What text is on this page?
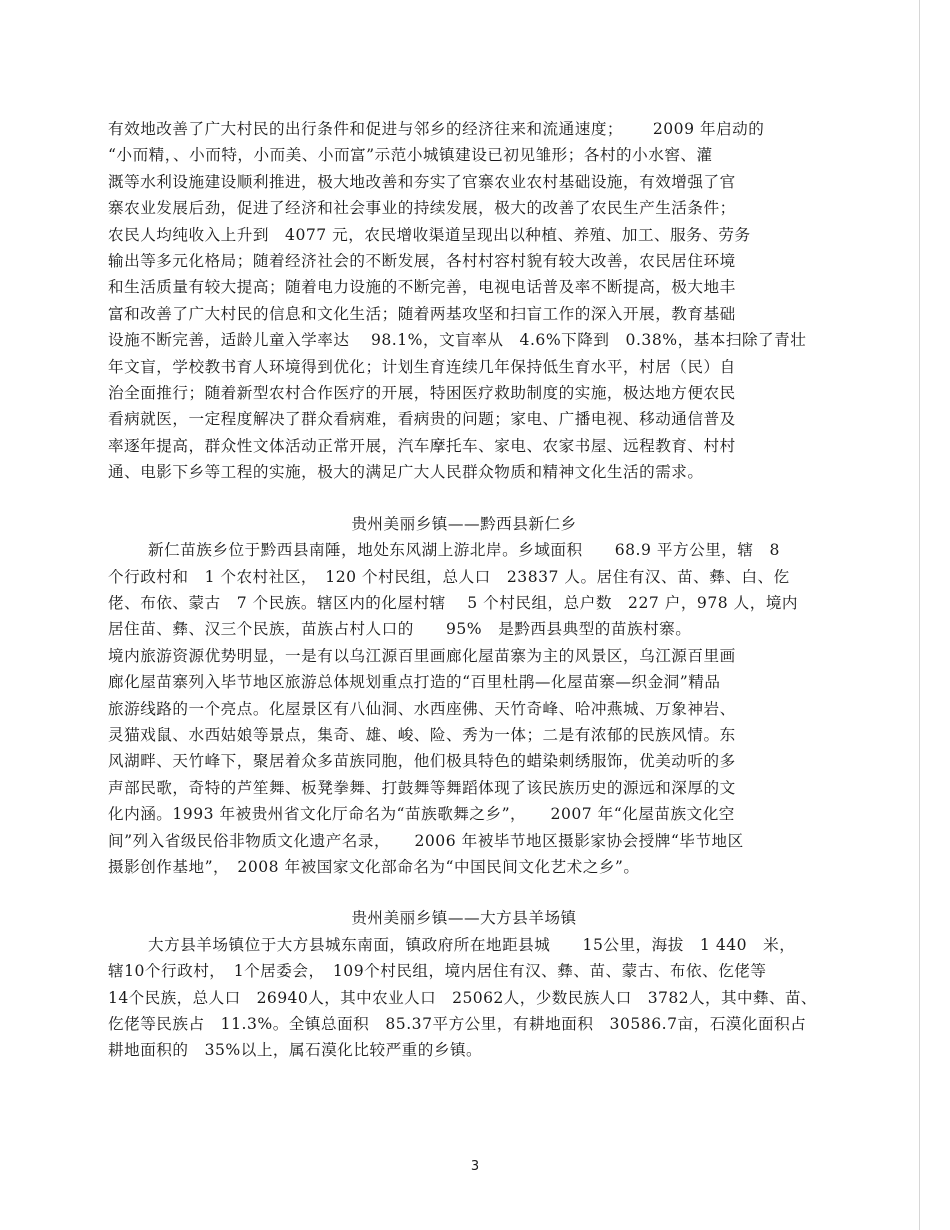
有效地改善了广大村民的出行条件和促进与邻乡的经济往来和流通速度；　　 2009 年启动的
“小而精，、小而特，小而美、小而富”示范小城镇建设已初见雏形；各村的小水窖、灌
溉等水利设施建设顺利推进，极大地改善和夯实了官寨农业农村基础设施，有效增强了官
寨农业发展后劲，促进了经济和社会事业的持续发展，极大的改善了农民生产生活条件；
农民人均纯收入上升到　4077 元，农民增收渠道呈现出以种植、养殖、加工、服务、劳务
输出等多元化格局；随着经济社会的不断发展，各村村容村貌有较大改善，农民居住环境
和生活质量有较大提高；随着电力设施的不断完善，电视电话普及率不断提高，极大地丰
富和改善了广大村民的信息和文化生活；随着两基攻坚和扫盲工作的深入开展，教育基础
设施不断完善，适龄儿童入学率达　 98.1%，文盲率从　4.6%下降到　0.38%，基本扫除了青壮
年文盲，学校教书育人环境得到优化；计划生育连续几年保持低生育水平，村居（民）自
治全面推行；随着新型农村合作医疗的开展，特困医疗救助制度的实施，极达地方便农民
看病就医，一定程度解决了群众看病难，看病贵的问题；家电、广播电视、移动通信普及
率逐年提高，群众性文体活动正常开展，汽车摩托车、家电、农家书屋、远程教育、村村
通、电影下乡等工程的实施，极大的满足广大人民群众物质和精神文化生活的需求。
贵州美丽乡镇——黔西县新仁乡
新仁苗族乡位于黔西县南陲，地处东风湖上游北岸。乡域面积　　68.9 平方公里，辖　8
个行政村和　1 个农村社区，　120 个村民组，总人口　23837 人。居住有汉、苗、彝、白、仡
佬、布依、蒙古　7 个民族。辖区内的化屋村辖　 5 个村民组，总户数　227 户，978 人，境内
居住苗、彝、汉三个民族，苗族占村人口的　　95%　是黔西县典型的苗族村寨。
境内旅游资源优势明显，一是有以乌江源百里画廊化屋苗寨为主的风景区，乌江源百里画
廊化屋苗寨列入毕节地区旅游总体规划重点打造的“百里杜鹃—化屋苗寨—织金洞”精品
旅游线路的一个亮点。化屋景区有八仙洞、水西座佛、天竹奇峰、哈冲燕城、万象神岩、
灵猫戏鼠、水西姑娘等景点，集奇、雄、峻、险、秀为一体；二是有浓郁的民族风情。东
风湖畔、天竹峰下，聚居着众多苗族同胞，他们极具特色的蜡染刺绣服饰，优美动听的多
声部民歌，奇特的芦笙舞、板凳拳舞、打鼓舞等舞蹈体现了该民族历史的源远和深厚的文
化内涵。1993 年被贵州省文化厅命名为“苗族歌舞之乡”，　　2007 年“化屋苗族文化空
间”列入省级民俗非物质文化遗产名录，　　2006 年被毕节地区摄影家协会授牌“毕节地区
摄影创作基地”，　2008 年被国家文化部命名为“中国民间文化艺术之乡”。
贵州美丽乡镇——大方县羊场镇
大方县羊场镇位于大方县城东南面，镇政府所在地距县城　　15公里，海拔　1 440　米，
辖10个行政村，　1个居委会，　109个村民组，境内居住有汉、彝、苗、蒙古、布依、仡佬等
14个民族，总人口　26940人，其中农业人口　25062人，少数民族人口　3782人，其中彝、苗、
仡佬等民族占　11.3%。全镇总面积　85.37平方公里，有耕地面积　30586.7亩，石漠化面积占
耕地面积的　35%以上，属石漠化比较严重的乡镇。
3
